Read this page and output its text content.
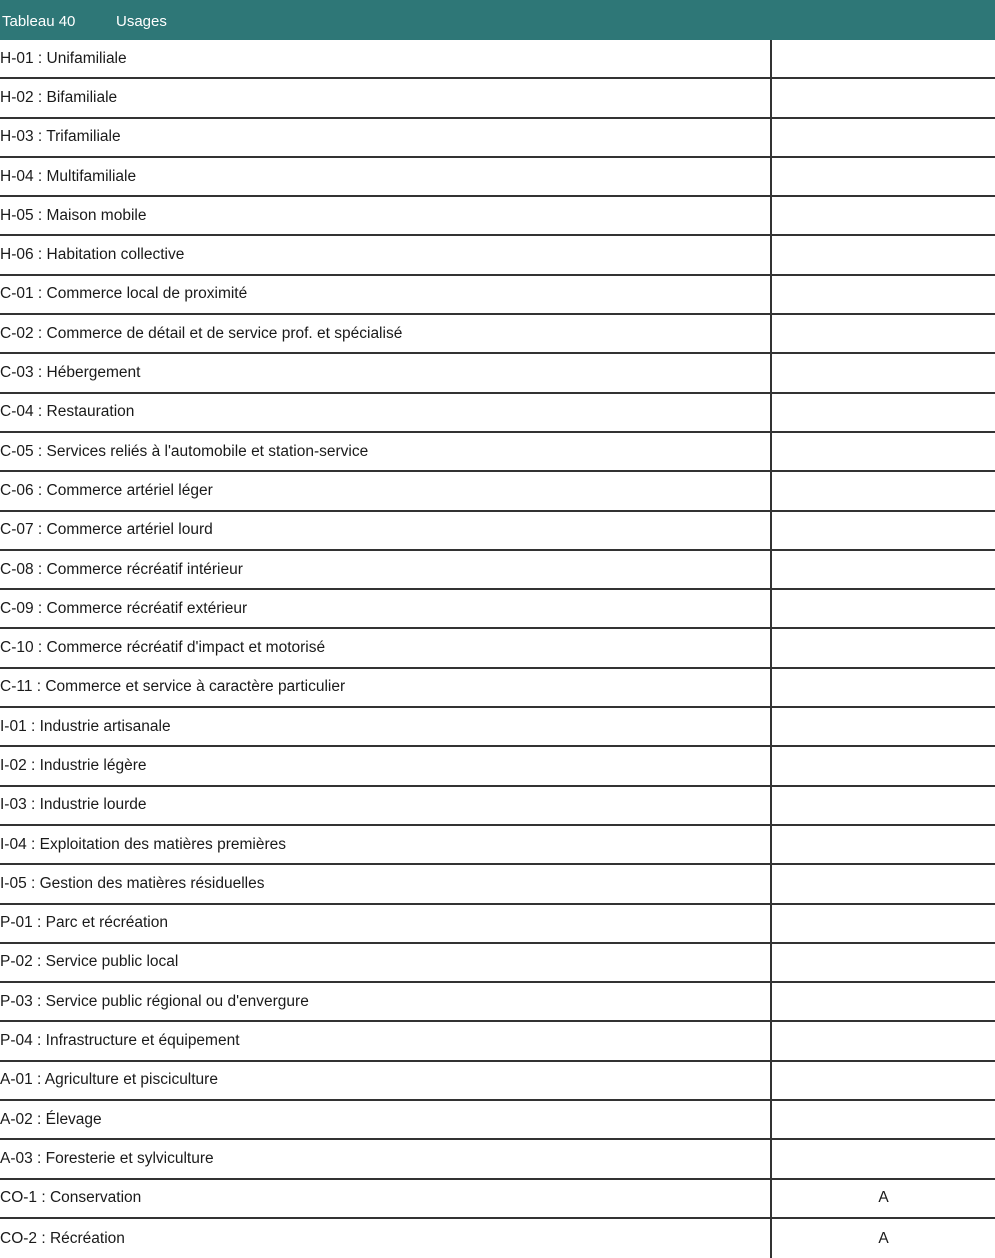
Tableau 40	Usages
H-01 : Unifamiliale
H-02 : Bifamiliale
H-03 : Trifamiliale
H-04 : Multifamiliale
H-05 : Maison mobile
H-06 : Habitation collective
C-01 : Commerce local de proximité
C-02 : Commerce de détail et de service prof. et spécialisé
C-03 : Hébergement
C-04 : Restauration
C-05 : Services reliés à l'automobile et station-service
C-06 : Commerce artériel léger
C-07 : Commerce artériel lourd
C-08 : Commerce récréatif intérieur
C-09 : Commerce récréatif extérieur
C-10 : Commerce récréatif d'impact et motorisé
C-11 : Commerce et service à caractère particulier
I-01 : Industrie artisanale
I-02 : Industrie légère
I-03 : Industrie lourde
I-04 : Exploitation des matières premières
I-05 : Gestion des matières résiduelles
P-01 : Parc et récréation
P-02 : Service public local
P-03 : Service public régional ou d'envergure
P-04 : Infrastructure et équipement
A-01 : Agriculture et pisciculture
A-02 : Élevage
A-03 : Foresterie et sylviculture
CO-1 : Conservation	A
CO-2 : Récréation	A
